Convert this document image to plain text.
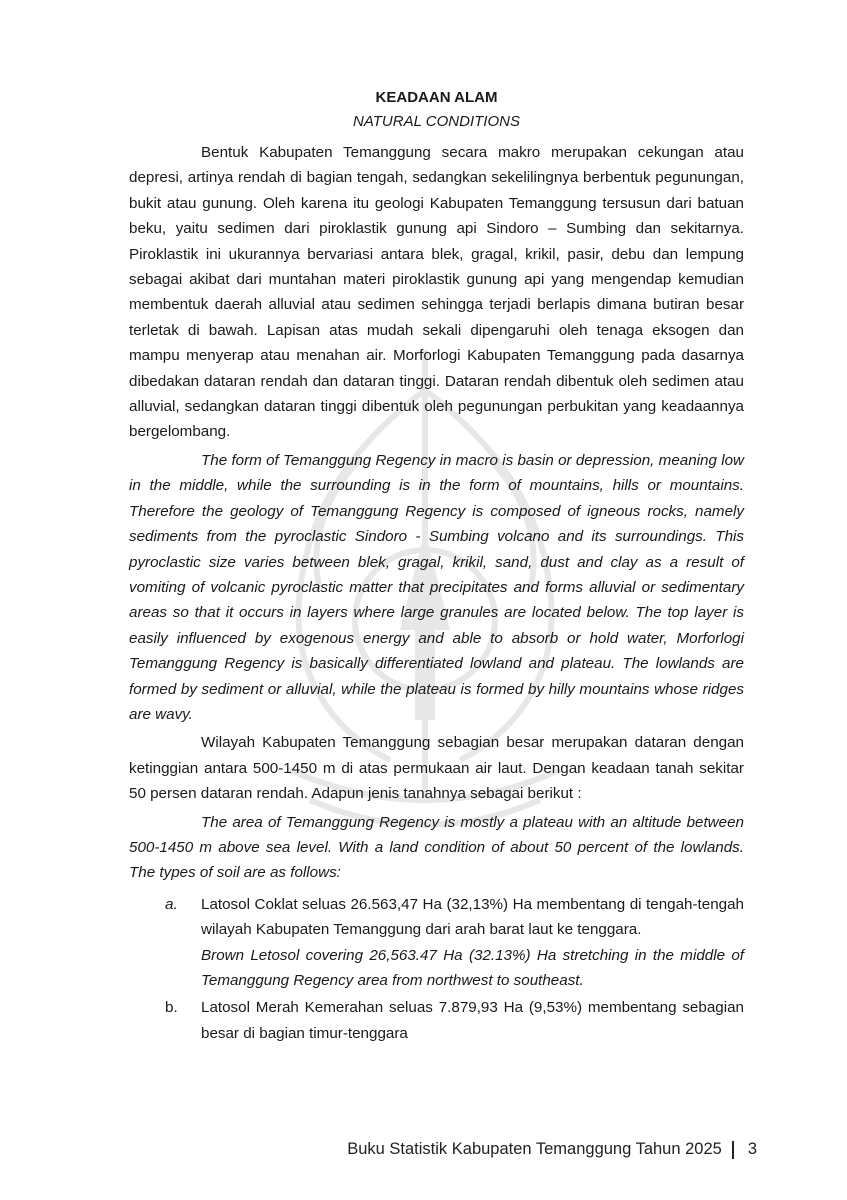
KEADAAN ALAM
NATURAL CONDITIONS

Bentuk Kabupaten Temanggung secara makro merupakan cekungan atau depresi, artinya rendah di bagian tengah, sedangkan sekelilingnya berbentuk pegunungan, bukit atau gunung. Oleh karena itu geologi Kabupaten Temanggung tersusun dari batuan beku, yaitu sedimen dari piroklastik gunung api Sindoro – Sumbing dan sekitarnya. Piroklastik ini ukurannya bervariasi antara blek, gragal, krikil, pasir, debu dan lempung sebagai akibat dari muntahan materi piroklastik gunung api yang mengendap kemudian membentuk daerah alluvial atau sedimen sehingga terjadi berlapis dimana butiran besar terletak di bawah. Lapisan atas mudah sekali dipengaruhi oleh tenaga eksogen dan mampu menyerap atau menahan air. Morforlogi Kabupaten Temanggung pada dasarnya dibedakan dataran rendah dan dataran tinggi. Dataran rendah dibentuk oleh sedimen atau alluvial, sedangkan dataran tinggi dibentuk oleh pegunungan perbukitan yang keadaannya bergelombang.

The form of Temanggung Regency in macro is basin or depression, meaning low in the middle, while the surrounding is in the form of mountains, hills or mountains. Therefore the geology of Temanggung Regency is composed of igneous rocks, namely sediments from the pyroclastic Sindoro - Sumbing volcano and its surroundings. This pyroclastic size varies between blek, gragal, krikil, sand, dust and clay as a result of vomiting of volcanic pyroclastic matter that precipitates and forms alluvial or sedimentary areas so that it occurs in layers where large granules are located below. The top layer is easily influenced by exogenous energy and able to absorb or hold water, Morforlogi Temanggung Regency is basically differentiated lowland and plateau. The lowlands are formed by sediment or alluvial, while the plateau is formed by hilly mountains whose ridges are wavy.

Wilayah Kabupaten Temanggung sebagian besar merupakan dataran dengan ketinggian antara 500-1450 m di atas permukaan air laut. Dengan keadaan tanah sekitar 50 persen dataran rendah. Adapun jenis tanahnya sebagai berikut :

The area of Temanggung Regency is mostly a plateau with an altitude between 500-1450 m above sea level. With a land condition of about 50 percent of the lowlands. The types of soil are as follows:

a.	Latosol Coklat seluas 26.563,47 Ha (32,13%) Ha membentang di tengah-tengah wilayah Kabupaten Temanggung dari arah barat laut ke tenggara.
Brown Letosol covering 26,563.47 Ha (32.13%) Ha stretching in the middle of Temanggung Regency area from northwest to southeast.
b.	Latosol Merah Kemerahan seluas 7.879,93 Ha (9,53%) membentang sebagian besar di bagian timur-tenggara
Buku Statistik Kabupaten Temanggung Tahun 2025 3
